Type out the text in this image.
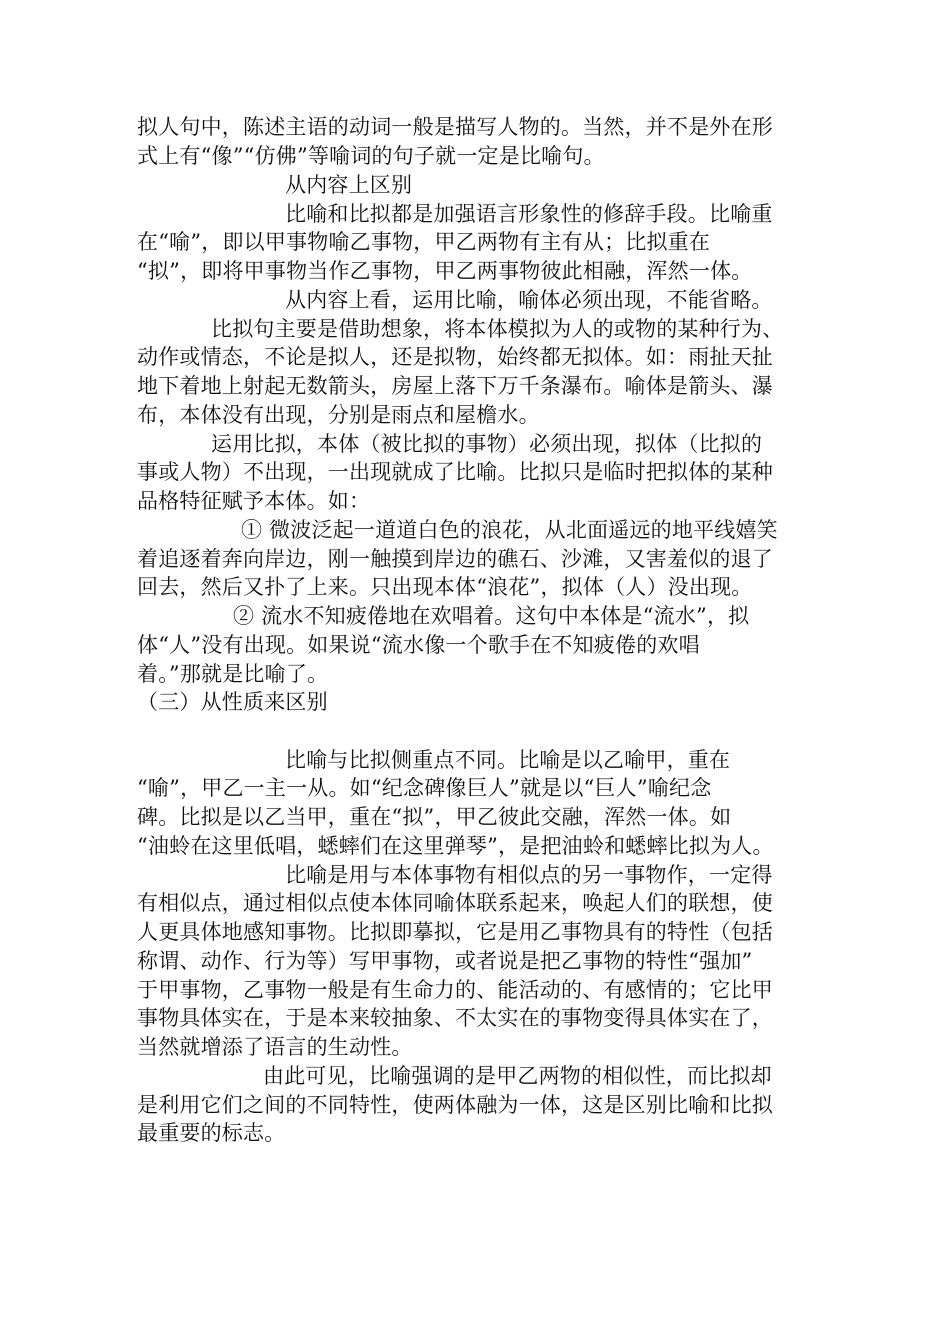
拟人句中，陈述主语的动词一般是描写人物的。当然，并不是外在形
式上有“像”“仿佛”等喻词的句子就一定是比喻句。
从内容上区别
比喻和比拟都是加强语言形象性的修辞手段。比喻重
在“喻”，即以甲事物喻乙事物，甲乙两物有主有从；比拟重在
“拟”，即将甲事物当作乙事物，甲乙两事物彼此相融，浑然一体。
从内容上看，运用比喻，喻体必须出现，不能省略。
比拟句主要是借助想象，将本体模拟为人的或物的某种行为、
动作或情态，不论是拟人，还是拟物，始终都无拟体。如：雨扯天扯
地下着地上射起无数箭头，房屋上落下万千条瀑布。喻体是箭头、瀑
布，本体没有出现，分别是雨点和屋檐水。
运用比拟，本体（被比拟的事物）必须出现，拟体（比拟的
事或人物）不出现，一出现就成了比喻。比拟只是临时把拟体的某种
品格特征赋予本体。如：
① 微波泛起一道道白色的浪花，从北面遥远的地平线嬉笑
着追逐着奔向岸边，刚一触摸到岸边的礁石、沙滩，又害羞似的退了
回去，然后又扑了上来。只出现本体“浪花”，拟体（人）没出现。
② 流水不知疲倦地在欢唱着。这句中本体是“流水”，拟
体“人”没有出现。如果说“流水像一个歌手在不知疲倦的欢唱
着。”那就是比喻了。
（三）从性质来区别
比喻与比拟侧重点不同。比喻是以乙喻甲，重在
“喻”，甲乙一主一从。如“纪念碑像巨人”就是以“巨人”喻纪念
碑。比拟是以乙当甲，重在“拟”，甲乙彼此交融，浑然一体。如
“油蛉在这里低唱，蟋蟀们在这里弹琴”，是把油蛉和蟋蟀比拟为人。
比喻是用与本体事物有相似点的另一事物作，一定得
有相似点，通过相似点使本体同喻体联系起来，唤起人们的联想，使
人更具体地感知事物。比拟即摹拟，它是用乙事物具有的特性（包括
称谓、动作、行为等）写甲事物，或者说是把乙事物的特性“强加”
于甲事物，乙事物一般是有生命力的、能活动的、有感情的；它比甲
事物具体实在，于是本来较抽象、不太实在的事物变得具体实在了，
当然就增添了语言的生动性。
由此可见，比喻强调的是甲乙两物的相似性，而比拟却
是利用它们之间的不同特性，使两体融为一体，这是区别比喻和比拟
最重要的标志。
